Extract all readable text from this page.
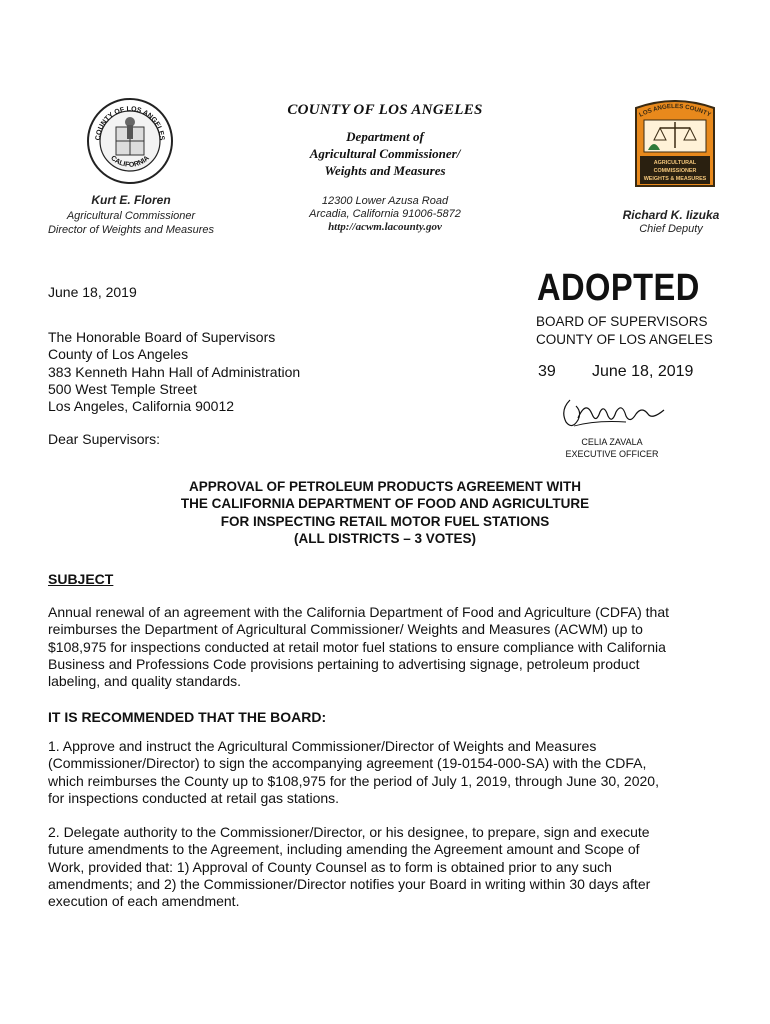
COUNTY OF LOS ANGELES
CALIFORNIA
LOS ANGELES COUNTY
AGRICULTURAL
COMMISSIONER
WEIGHTS & MEASURES
COUNTY OF LOS ANGELES
Department of
Agricultural Commissioner/
Weights and Measures
12300 Lower Azusa Road
Arcadia, California 91006-5872
http://acwm.lacounty.gov
Kurt E. Floren
Agricultural Commissioner
Director of Weights and Measures
Richard K. Iizuka
Chief Deputy
June 18, 2019
The Honorable Board of Supervisors
County of Los Angeles
383 Kenneth Hahn Hall of Administration
500 West Temple Street
Los Angeles, California 90012
Dear Supervisors:
ADOPTED
BOARD OF SUPERVISORS
COUNTY OF LOS ANGELES
39 June 18, 2019
CELIA ZAVALA
EXECUTIVE OFFICER
APPROVAL OF PETROLEUM PRODUCTS AGREEMENT WITH
THE CALIFORNIA DEPARTMENT OF FOOD AND AGRICULTURE
FOR INSPECTING RETAIL MOTOR FUEL STATIONS
(ALL DISTRICTS – 3 VOTES)
SUBJECT
Annual renewal of an agreement with the California Department of Food and Agriculture (CDFA) that
reimburses the Department of Agricultural Commissioner/ Weights and Measures (ACWM) up to
$108,975 for inspections conducted at retail motor fuel stations to ensure compliance with California
Business and Professions Code provisions pertaining to advertising signage, petroleum product
labeling, and quality standards.
IT IS RECOMMENDED THAT THE BOARD:
1. Approve and instruct the Agricultural Commissioner/Director of Weights and Measures
(Commissioner/Director) to sign the accompanying agreement (19-0154-000-SA) with the CDFA,
which reimburses the County up to $108,975 for the period of July 1, 2019, through June 30, 2020,
for inspections conducted at retail gas stations.
2. Delegate authority to the Commissioner/Director, or his designee, to prepare, sign and execute
future amendments to the Agreement, including amending the Agreement amount and Scope of
Work, provided that: 1) Approval of County Counsel as to form is obtained prior to any such
amendments; and 2) the Commissioner/Director notifies your Board in writing within 30 days after
execution of each amendment.
